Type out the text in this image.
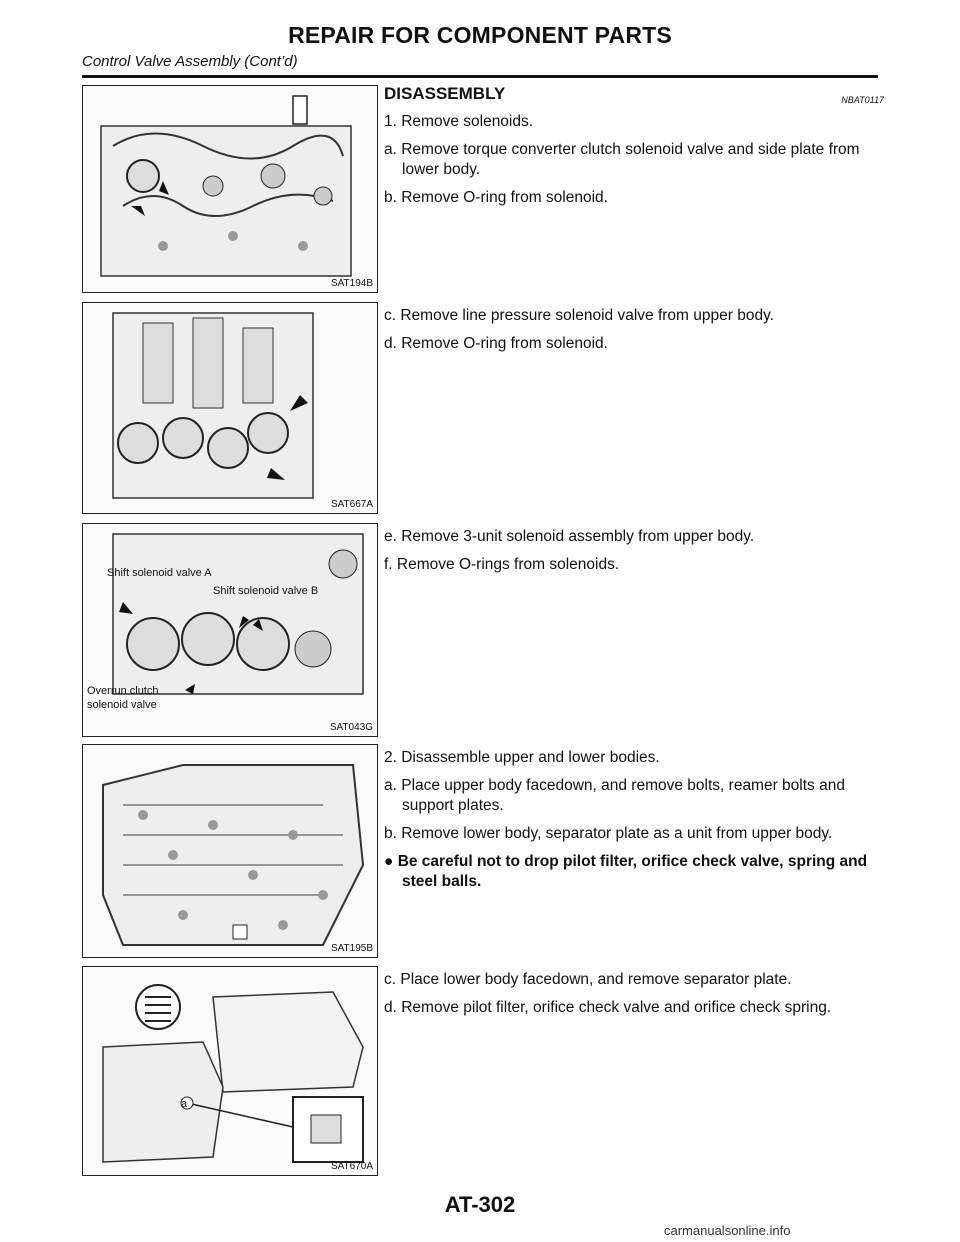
REPAIR FOR COMPONENT PARTS
Control Valve Assembly (Cont’d)
SAT194B
SAT667A
Shift solenoid valve A
Shift solenoid valve B
Overrun clutch
solenoid valve
SAT043G
SAT195B
a
SAT670A

DISASSEMBLY	NBAT0117

1. Remove solenoids.

a. Remove torque converter clutch solenoid valve and side plate from lower body.

b. Remove O-ring from solenoid.

c. Remove line pressure solenoid valve from upper body.

d. Remove O-ring from solenoid.

e. Remove 3-unit solenoid assembly from upper body.

f. Remove O-rings from solenoids.

2. Disassemble upper and lower bodies.

a. Place upper body facedown, and remove bolts, reamer bolts and support plates.

b. Remove lower body, separator plate as a unit from upper body.

● Be careful not to drop pilot filter, orifice check valve, spring and steel balls.

c. Place lower body facedown, and remove separator plate.

d. Remove pilot filter, orifice check valve and orifice check spring.

AT-302
carmanualsonline.info
